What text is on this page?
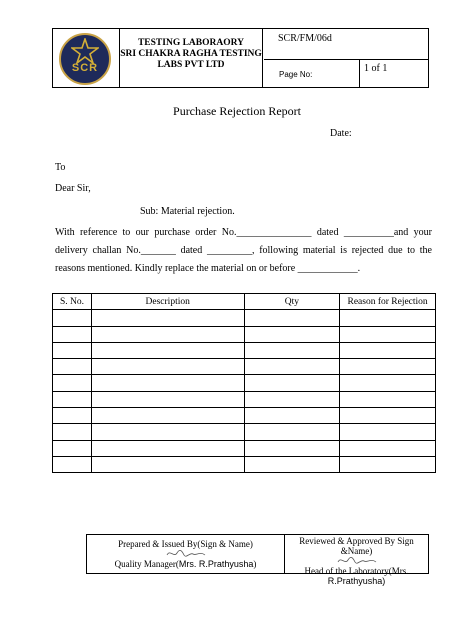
SCR
TESTING LABORAORY
SRI CHAKRA RAGHA TESTING
LABS PVT LTD
SCR/FM/06d
Page No:
1 of 1
Purchase Rejection Report
Date:
To
Dear Sir,
Sub: Material rejection.
With reference to our purchase order No._______________ dated __________and your delivery challan No._______ dated _________, following material is rejected due to the reasons mentioned. Kindly replace the material on or before ____________.
S. No.	Description	Qty	Reason for Rejection

Prepared & Issued By(Sign & Name)
Quality Manager(Mrs. R.Prathyusha)
Reviewed & Approved By Sign &Name)
Head of the Laboratory(Mrs.
R.Prathyusha)
